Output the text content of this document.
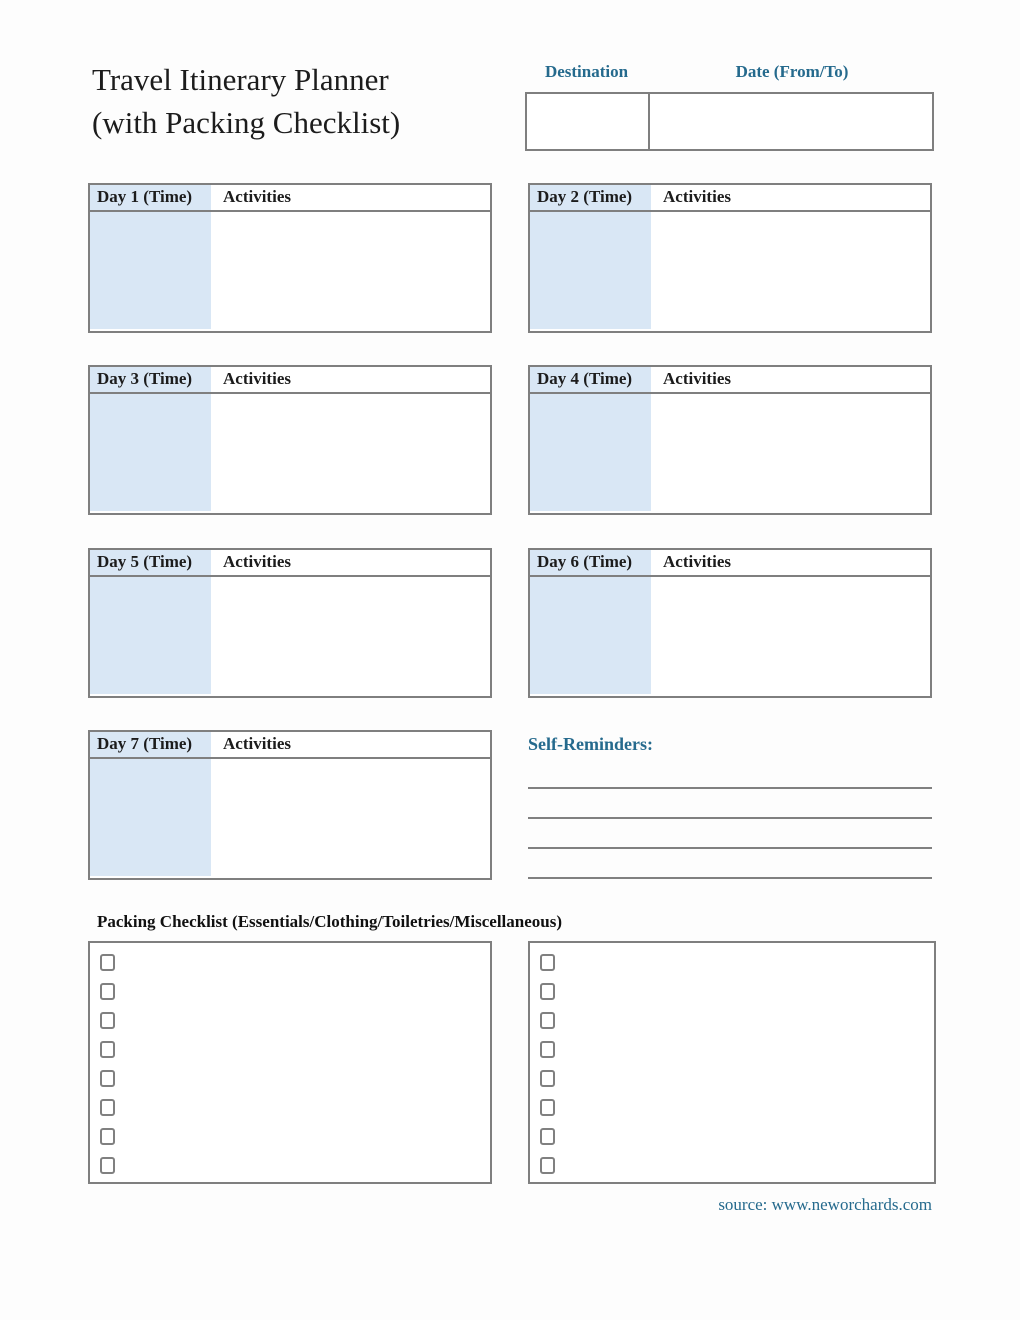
Travel Itinerary Planner
(with Packing Checklist)
Destination	Date (From/To)
Day 1 (Time)	Activities	Day 2 (Time)	Activities
Day 3 (Time)	Activities	Day 4 (Time)	Activities
Day 5 (Time)	Activities	Day 6 (Time)	Activities
Day 7 (Time)	Activities	Self-Reminders:
Packing Checklist (Essentials/Clothing/Toiletries/Miscellaneous)
source: www.neworchards.com
